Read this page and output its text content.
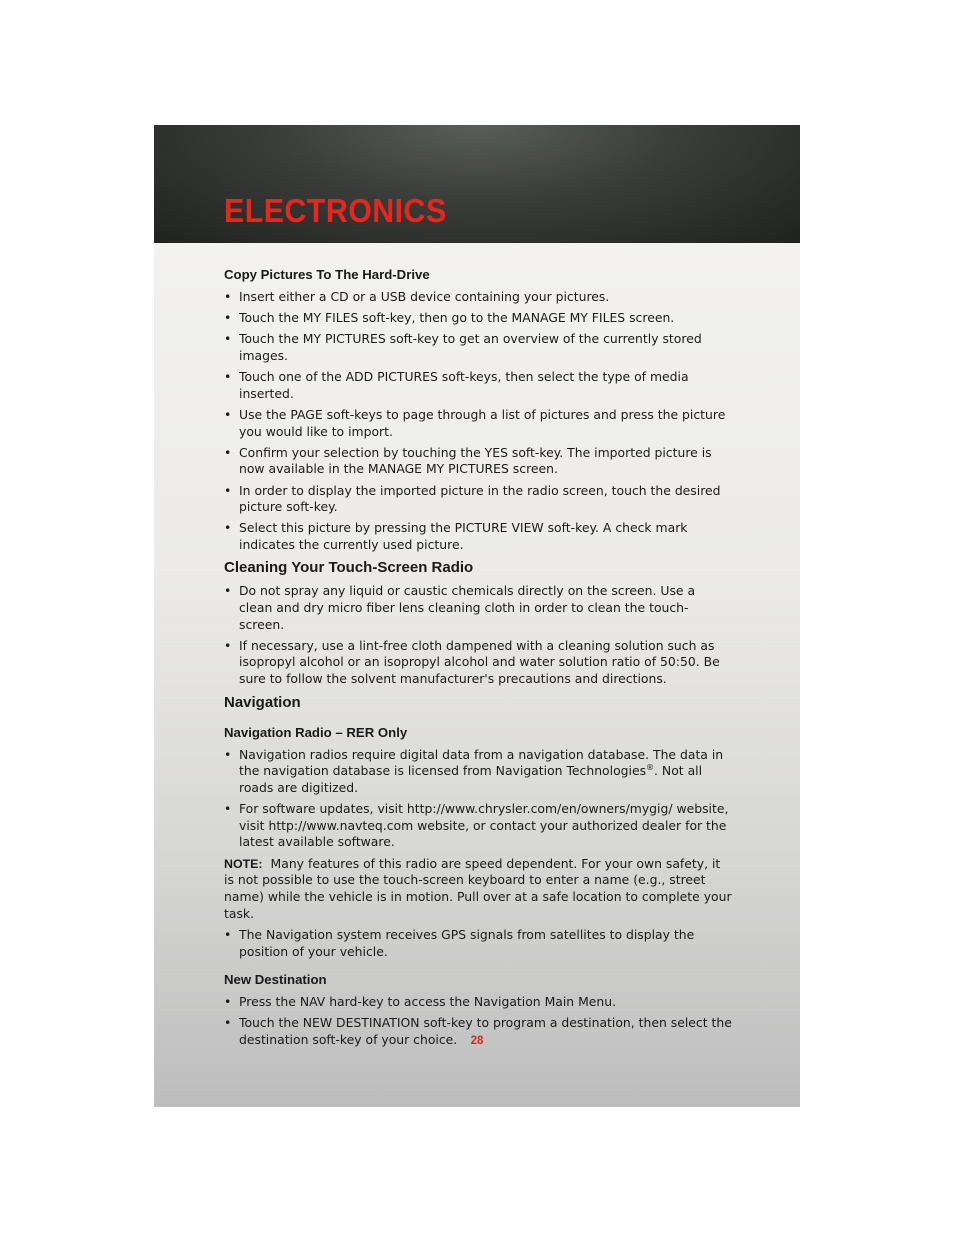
ELECTRONICS
Copy Pictures To The Hard-Drive
• Insert either a CD or a USB device containing your pictures.
• Touch the MY FILES soft-key, then go to the MANAGE MY FILES screen.
• Touch the MY PICTURES soft-key to get an overview of the currently stored images.
• Touch one of the ADD PICTURES soft-keys, then select the type of media inserted.
• Use the PAGE soft-keys to page through a list of pictures and press the picture you would like to import.
• Confirm your selection by touching the YES soft-key. The imported picture is now available in the MANAGE MY PICTURES screen.
• In order to display the imported picture in the radio screen, touch the desired picture soft-key.
• Select this picture by pressing the PICTURE VIEW soft-key. A check mark indicates the currently used picture.
Cleaning Your Touch-Screen Radio
• Do not spray any liquid or caustic chemicals directly on the screen. Use a clean and dry micro fiber lens cleaning cloth in order to clean the touch-screen.
• If necessary, use a lint-free cloth dampened with a cleaning solution such as isopropyl alcohol or an isopropyl alcohol and water solution ratio of 50:50. Be sure to follow the solvent manufacturer's precautions and directions.
Navigation
Navigation Radio – RER Only
• Navigation radios require digital data from a navigation database. The data in the navigation database is licensed from Navigation Technologies®. Not all roads are digitized.
• For software updates, visit http://www.chrysler.com/en/owners/mygig/ website, visit http://www.navteq.com website, or contact your authorized dealer for the latest available software.

NOTE: Many features of this radio are speed dependent. For your own safety, it is not possible to use the touch-screen keyboard to enter a name (e.g., street name) while the vehicle is in motion. Pull over at a safe location to complete your task.

• The Navigation system receives GPS signals from satellites to display the position of your vehicle.
New Destination
• Press the NAV hard-key to access the Navigation Main Menu.
• Touch the NEW DESTINATION soft-key to program a destination, then select the destination soft-key of your choice.	28
